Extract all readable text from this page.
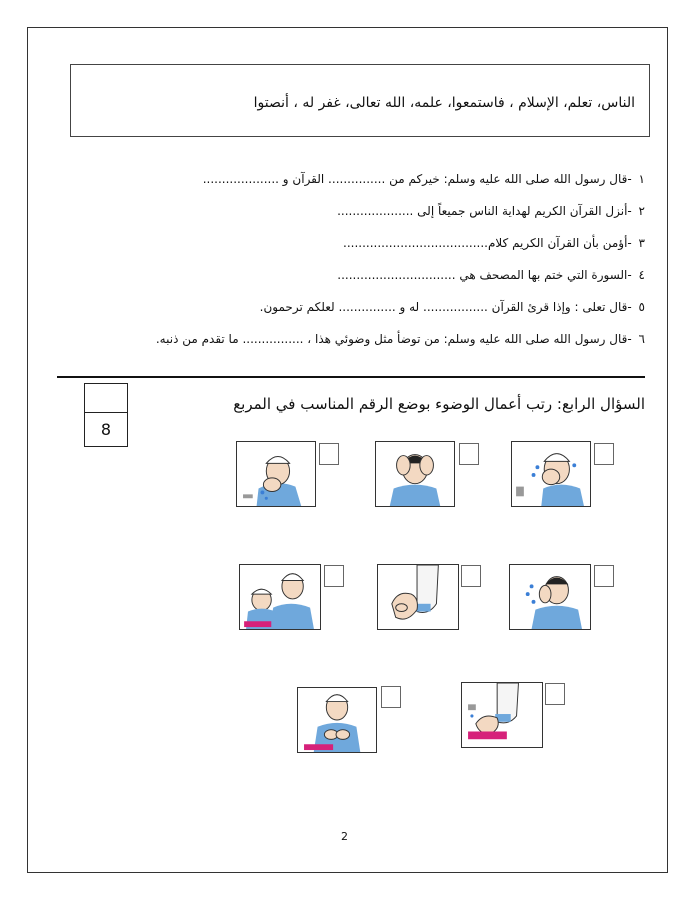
الناس، تعلم، الإسلام ، فاستمعوا، علمه، الله تعالى، غفر له ، أنصتوا
١ -قال رسول الله صلى الله عليه وسلم: خيركم من ............... القرآن و ....................
٢ -أنزل القرآن الكريم لهداية الناس جميعاً إلى ....................
٣ -أؤمن بأن القرآن الكريم كلام......................................
٤ -السورة التي ختم بها المصحف هي ...............................
٥ -قال تعلى : وإذا قرئ القرآن ................. له و ............... لعلكم ترحمون.
٦ -قال رسول الله صلى الله عليه وسلم: من توضأ مثل وضوئي هذا ، ................ ما تقدم من ذنبه.
8
السؤال الرابع: رتب أعمال الوضوء بوضع الرقم المناسب في المربع
2
